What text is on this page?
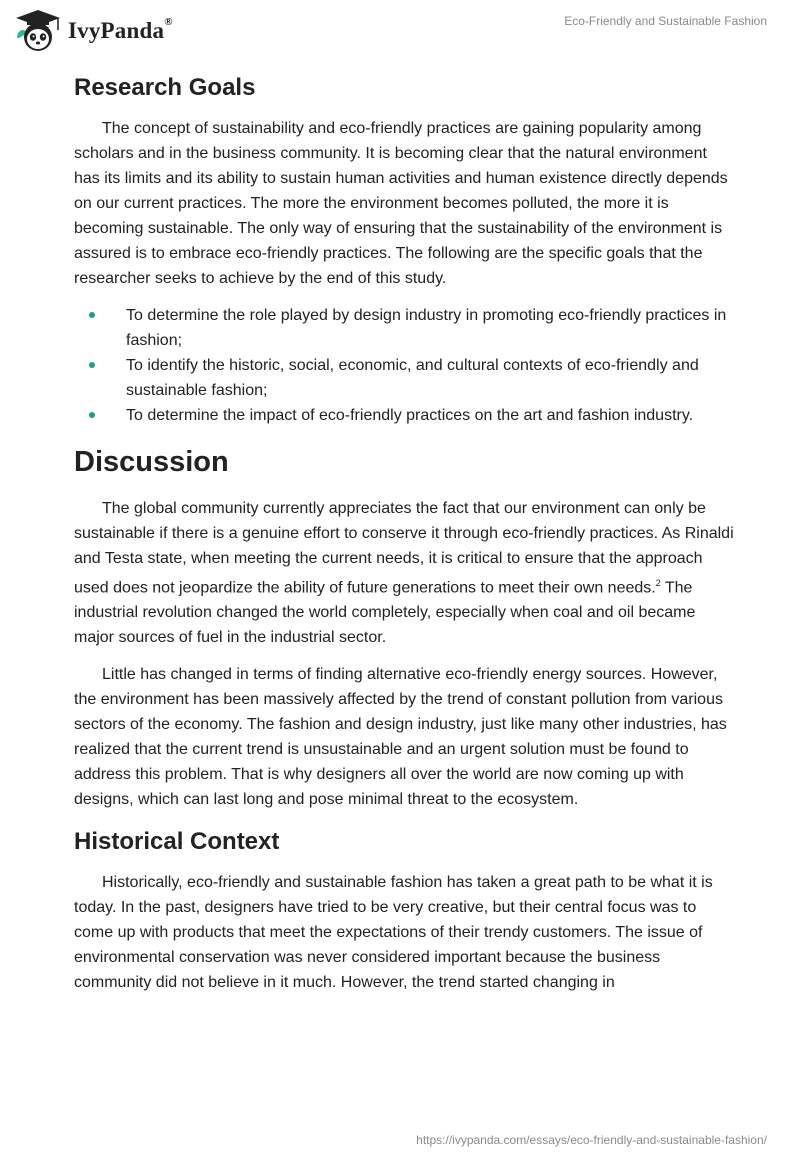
IvyPanda®	Eco-Friendly and Sustainable Fashion
Research Goals

The concept of sustainability and eco-friendly practices are gaining popularity among scholars and in the business community. It is becoming clear that the natural environment has its limits and its ability to sustain human activities and human existence directly depends on our current practices. The more the environment becomes polluted, the more it is becoming sustainable. The only way of ensuring that the sustainability of the environment is assured is to embrace eco-friendly practices. The following are the specific goals that the researcher seeks to achieve by the end of this study.

To determine the role played by design industry in promoting eco-friendly practices in fashion;
To identify the historic, social, economic, and cultural contexts of eco-friendly and sustainable fashion;
To determine the impact of eco-friendly practices on the art and fashion industry.
Discussion

The global community currently appreciates the fact that our environment can only be sustainable if there is a genuine effort to conserve it through eco-friendly practices. As Rinaldi and Testa state, when meeting the current needs, it is critical to ensure that the approach used does not jeopardize the ability of future generations to meet their own needs.$^2$ The industrial revolution changed the world completely, especially when coal and oil became major sources of fuel in the industrial sector.

Little has changed in terms of finding alternative eco-friendly energy sources. However, the environment has been massively affected by the trend of constant pollution from various sectors of the economy. The fashion and design industry, just like many other industries, has realized that the current trend is unsustainable and an urgent solution must be found to address this problem. That is why designers all over the world are now coming up with designs, which can last long and pose minimal threat to the ecosystem.

Historical Context

Historically, eco-friendly and sustainable fashion has taken a great path to be what it is today. In the past, designers have tried to be very creative, but their central focus was to come up with products that meet the expectations of their trendy customers. The issue of environmental conservation was never considered important because the business community did not believe in it much. However, the trend started changing in

https://ivypanda.com/essays/eco-friendly-and-sustainable-fashion/
